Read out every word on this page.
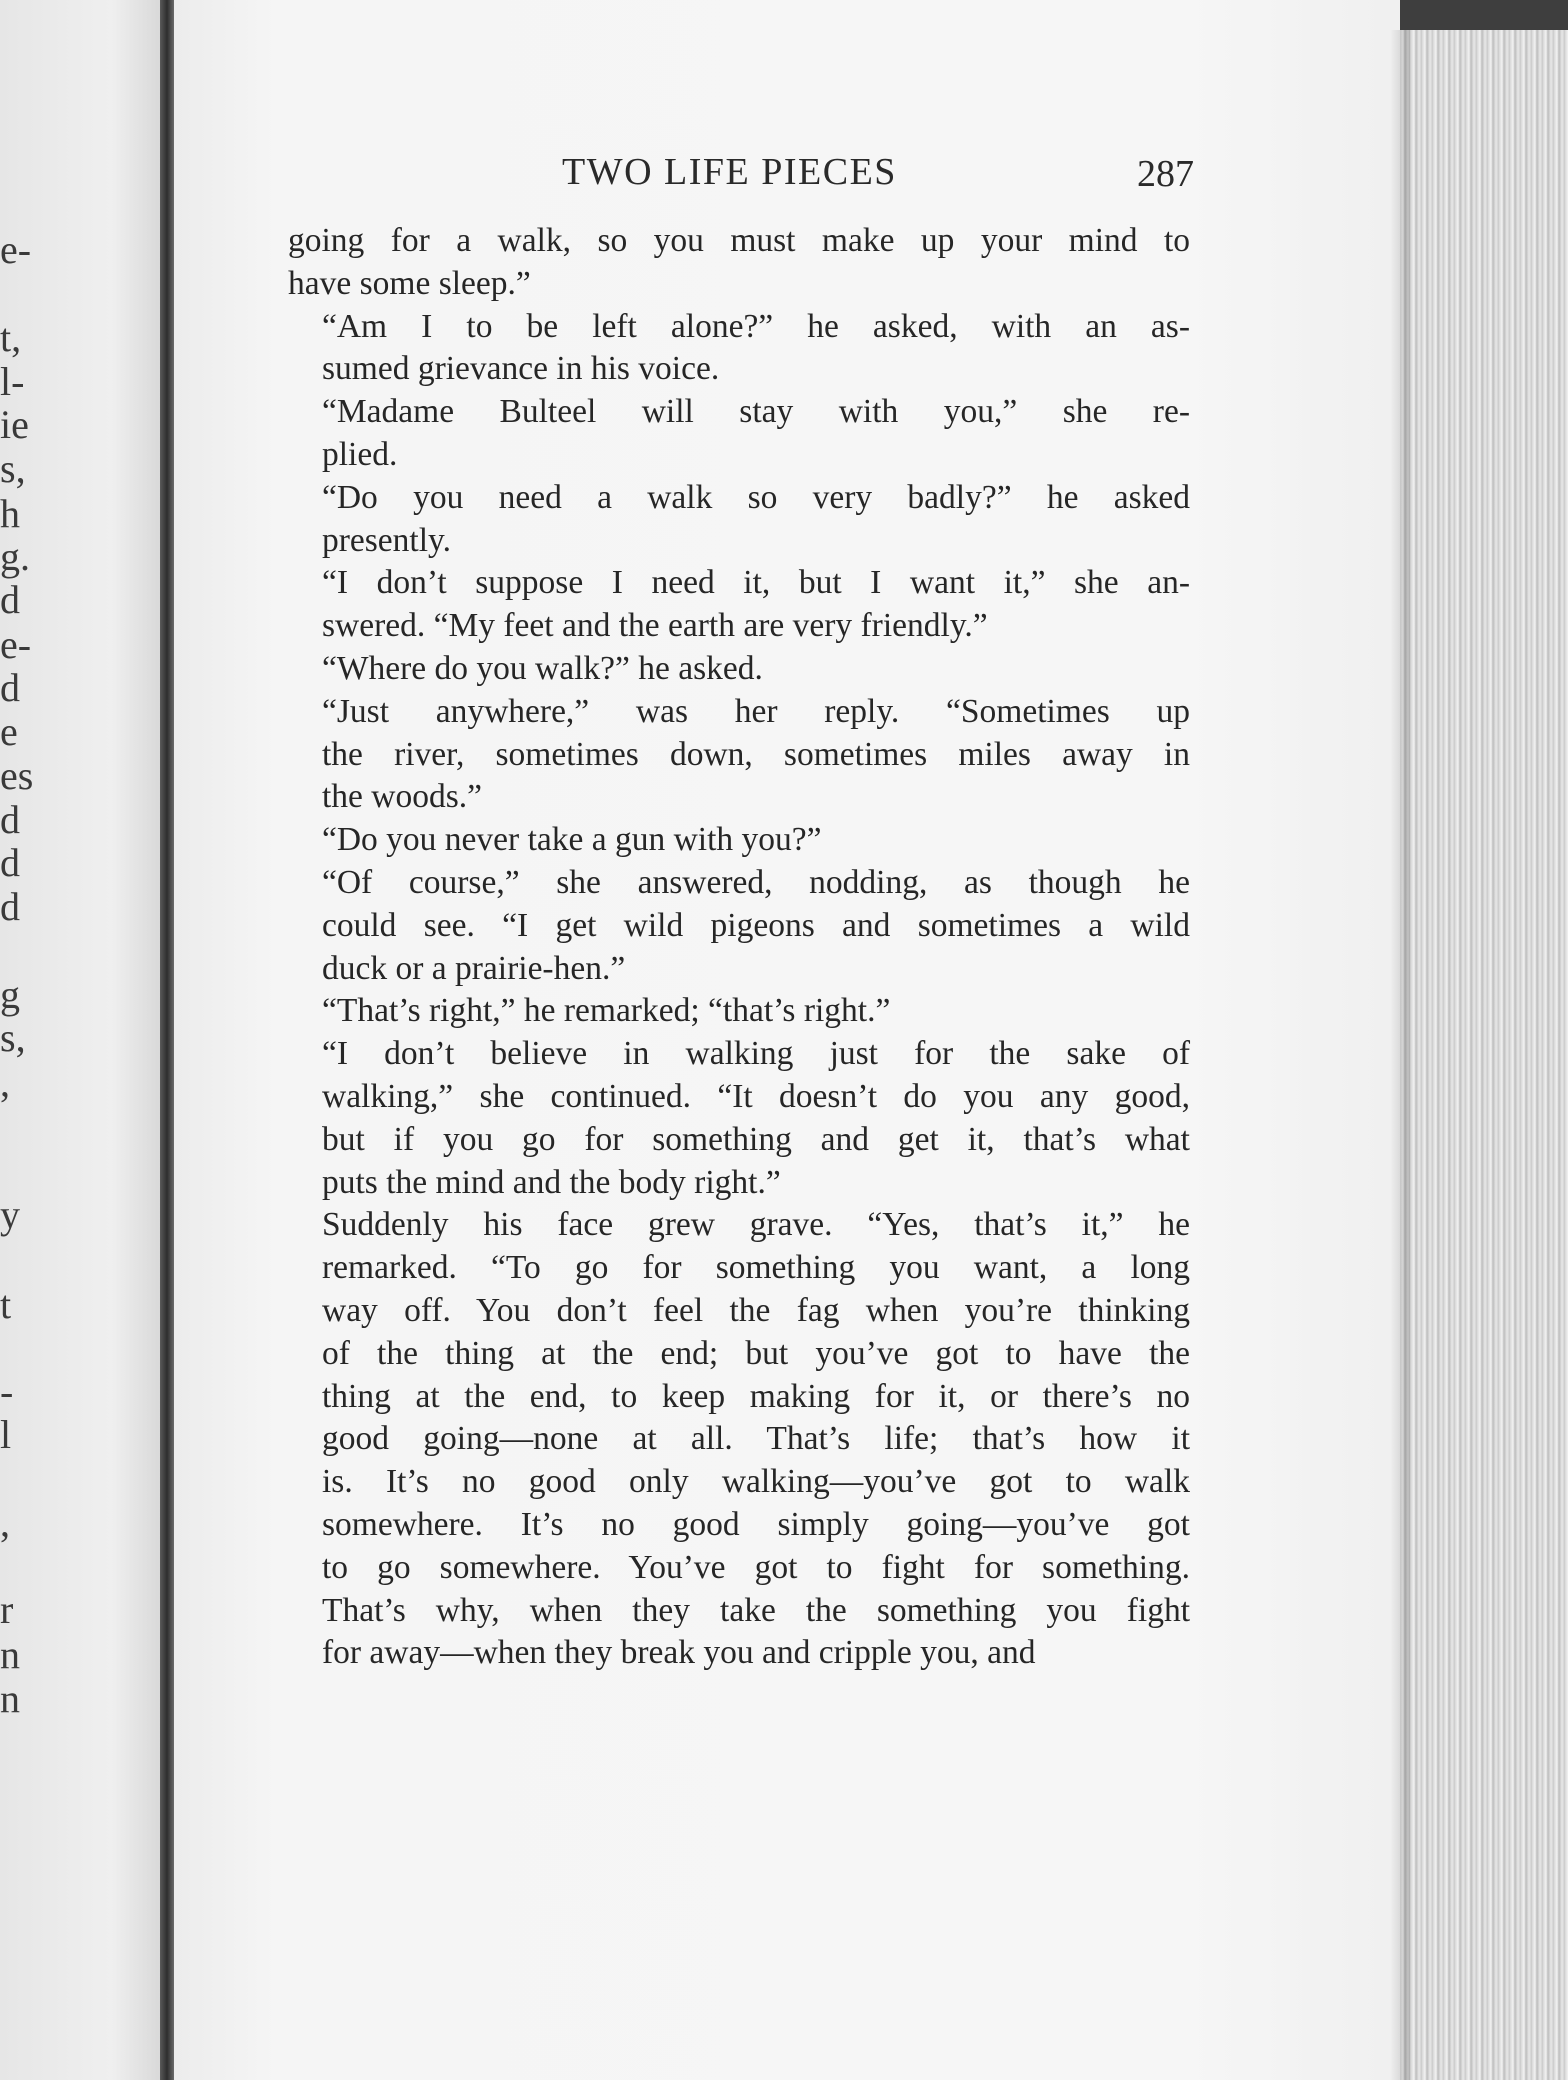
e-
t,
l-
ie
s,
h
g.
d
e-
d
e
es
d
d
d
g
s,
,
y
t
-
l
,
r
n
n
TWO LIFE PIECES	287

going for a walk, so you must make up your mind to
have some sleep.”

“Am I to be left alone?” he asked, with an as-
sumed grievance in his voice.

“Madame Bulteel will stay with you,” she re-
plied.

“Do you need a walk so very badly?” he asked
presently.

“I don’t suppose I need it, but I want it,” she an-
swered. “My feet and the earth are very friendly.”

“Where do you walk?” he asked.

“Just anywhere,” was her reply. “Sometimes up
the river, sometimes down, sometimes miles away in
the woods.”

“Do you never take a gun with you?”

“Of course,” she answered, nodding, as though he
could see. “I get wild pigeons and sometimes a wild
duck or a prairie-hen.”

“That’s right,” he remarked; “that’s right.”

“I don’t believe in walking just for the sake of
walking,” she continued. “It doesn’t do you any good,
but if you go for something and get it, that’s what
puts the mind and the body right.”

Suddenly his face grew grave. “Yes, that’s it,” he
remarked. “To go for something you want, a long
way off. You don’t feel the fag when you’re thinking
of the thing at the end; but you’ve got to have the
thing at the end, to keep making for it, or there’s no
good going—none at all. That’s life; that’s how it
is. It’s no good only walking—you’ve got to walk
somewhere. It’s no good simply going—you’ve got
to go somewhere. You’ve got to fight for something.
That’s why, when they take the something you fight
for away—when they break you and cripple you, and
